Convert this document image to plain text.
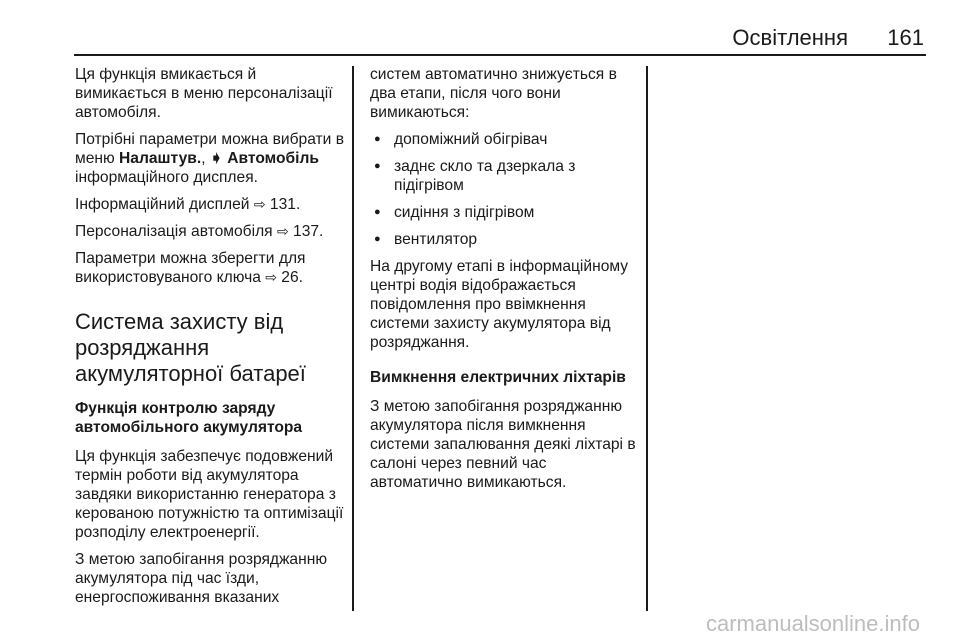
Освітлення 161

Ця функція вмикається й вимикається в меню персоналізації автомобіля.

Потрібні параметри можна вибрати в меню Налаштув., ➧ Автомобіль інформаційного дисплея.

Інформаційний дисплей ⇨ 131.

Персоналізація автомобіля ⇨ 137.

Параметри можна зберегти для використовуваного ключа ⇨ 26.

Система захисту від розряджання акумуляторної батареї
Функція контролю заряду автомобільного акумулятора

Ця функція забезпечує подовжений термін роботи від акумулятора завдяки використанню генератора з керованою потужністю та оптимізації розподілу електроенергії.

З метою запобігання розряджанню акумулятора під час їзди, енергоспоживання вказаних

систем автоматично знижується в два етапи, після чого вони вимикаються:

● допоміжний обігрівач
● заднє скло та дзеркала з підігрівом
● сидіння з підігрівом
● вентилятор

На другому етапі в інформаційному центрі водія відображається повідомлення про ввімкнення системи захисту акумулятора від розряджання.

Вимкнення електричних ліхтарів

З метою запобігання розряджанню акумулятора після вимкнення системи запалювання деякі ліхтарі в салоні через певний час автоматично вимикаються.

carmanualsonline.info
